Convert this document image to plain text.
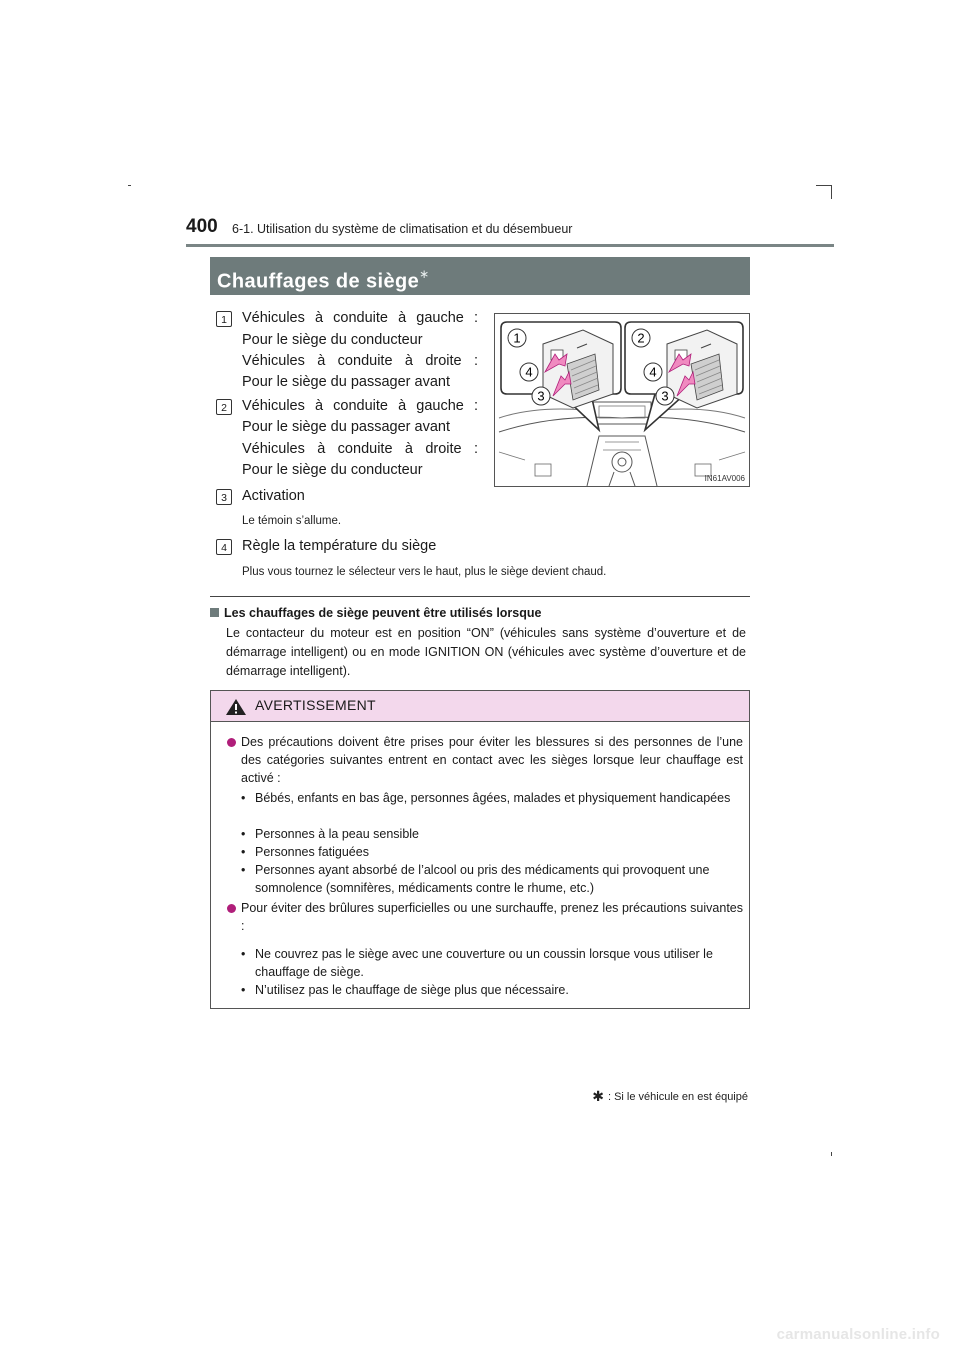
400 6-1. Utilisation du système de climatisation et du désembueur
Chauffages de siège∗
1	Véhicules à conduite à gauche :
Pour le siège du conducteur
Véhicules à conduite à droite :
Pour le siège du passager avant
2	Véhicules à conduite à gauche :
Pour le siège du passager avant
Véhicules à conduite à droite :
Pour le siège du conducteur
3	Activation
Le témoin s’allume.
4	Règle la température du siège
Plus vous tournez le sélecteur vers le haut, plus le siège devient chaud.
1	2
4	4
3	3
IN61AV006
Les chauffages de siège peuvent être utilisés lorsque
Le contacteur du moteur est en position “ON” (véhicules sans système d’ouverture et de démarrage intelligent) ou en mode IGNITION ON (véhicules avec système d’ouverture et de démarrage intelligent).
AVERTISSEMENT
Des précautions doivent être prises pour éviter les blessures si des personnes de l’une des catégories suivantes entrent en contact avec les sièges lorsque leur chauffage est activé :
• Bébés, enfants en bas âge, personnes âgées, malades et physiquement handicapées
• Personnes à la peau sensible
• Personnes fatiguées
• Personnes ayant absorbé de l’alcool ou pris des médicaments qui provoquent une somnolence (somnifères, médicaments contre le rhume, etc.)
Pour éviter des brûlures superficielles ou une surchauffe, prenez les précautions suivantes :
• Ne couvrez pas le siège avec une couverture ou un coussin lorsque vous utiliser le chauffage de siège.
• N’utilisez pas le chauffage de siège plus que nécessaire.
✱ : Si le véhicule en est équipé
carmanualsonline.info
